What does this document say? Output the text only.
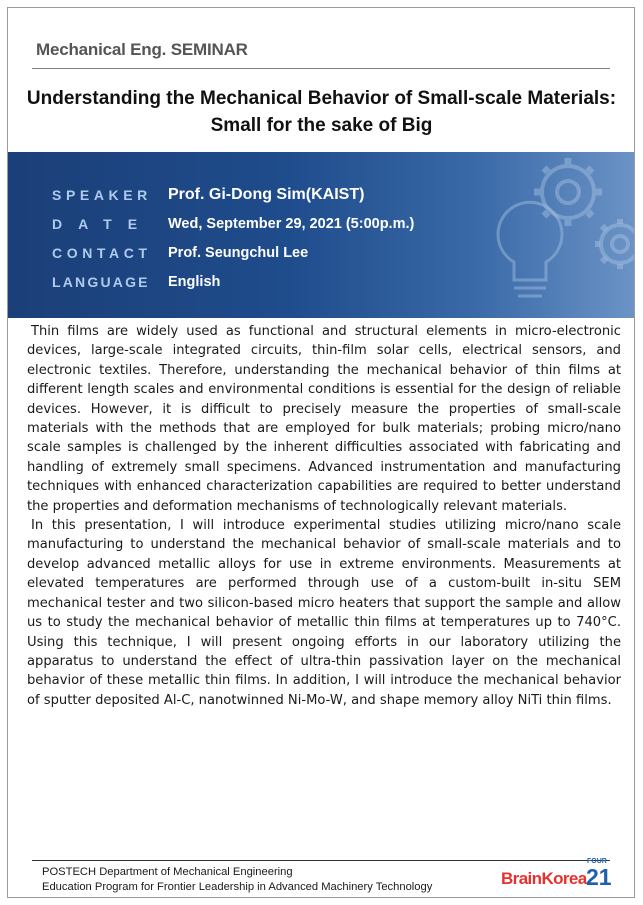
Mechanical Eng. SEMINAR
Understanding the Mechanical Behavior of Small-scale Materials:
Small for the sake of Big
SPEAKER	Prof. Gi-Dong Sim(KAIST)
DATE	Wed, September 29, 2021 (5:00p.m.)
CONTACT	Prof. Seungchul Lee
LANGUAGE	English

Thin films are widely used as functional and structural elements in micro-electronic devices, large-scale integrated circuits, thin-film solar cells, electrical sensors, and electronic textiles. Therefore, understanding the mechanical behavior of thin films at different length scales and environmental conditions is essential for the design of reliable devices. However, it is difficult to precisely measure the properties of small-scale materials with the methods that are employed for bulk materials; probing micro/nano scale samples is challenged by the inherent difficulties associated with fabricating and handling of extremely small specimens. Advanced instrumentation and manufacturing techniques with enhanced characterization capabilities are required to better understand the properties and deformation mechanisms of technologically relevant materials.

In this presentation, I will introduce experimental studies utilizing micro/nano scale manufacturing to understand the mechanical behavior of small-scale materials and to develop advanced metallic alloys for use in extreme environments. Measurements at elevated temperatures are performed through use of a custom-built in-situ SEM mechanical tester and two silicon-based micro heaters that support the sample and allow us to study the mechanical behavior of metallic thin films at temperatures up to 740°C. Using this technique, I will present ongoing efforts in our laboratory utilizing the apparatus to understand the effect of ultra-thin passivation layer on the mechanical behavior of these metallic thin films. In addition, I will introduce the mechanical behavior of sputter deposited Al-C, nanotwinned Ni-Mo-W, and shape memory alloy NiTi thin films.

POSTECH Department of Mechanical Engineering
Education Program for Frontier Leadership in Advanced Machinery Technology
FOUR
BrainKorea 21
